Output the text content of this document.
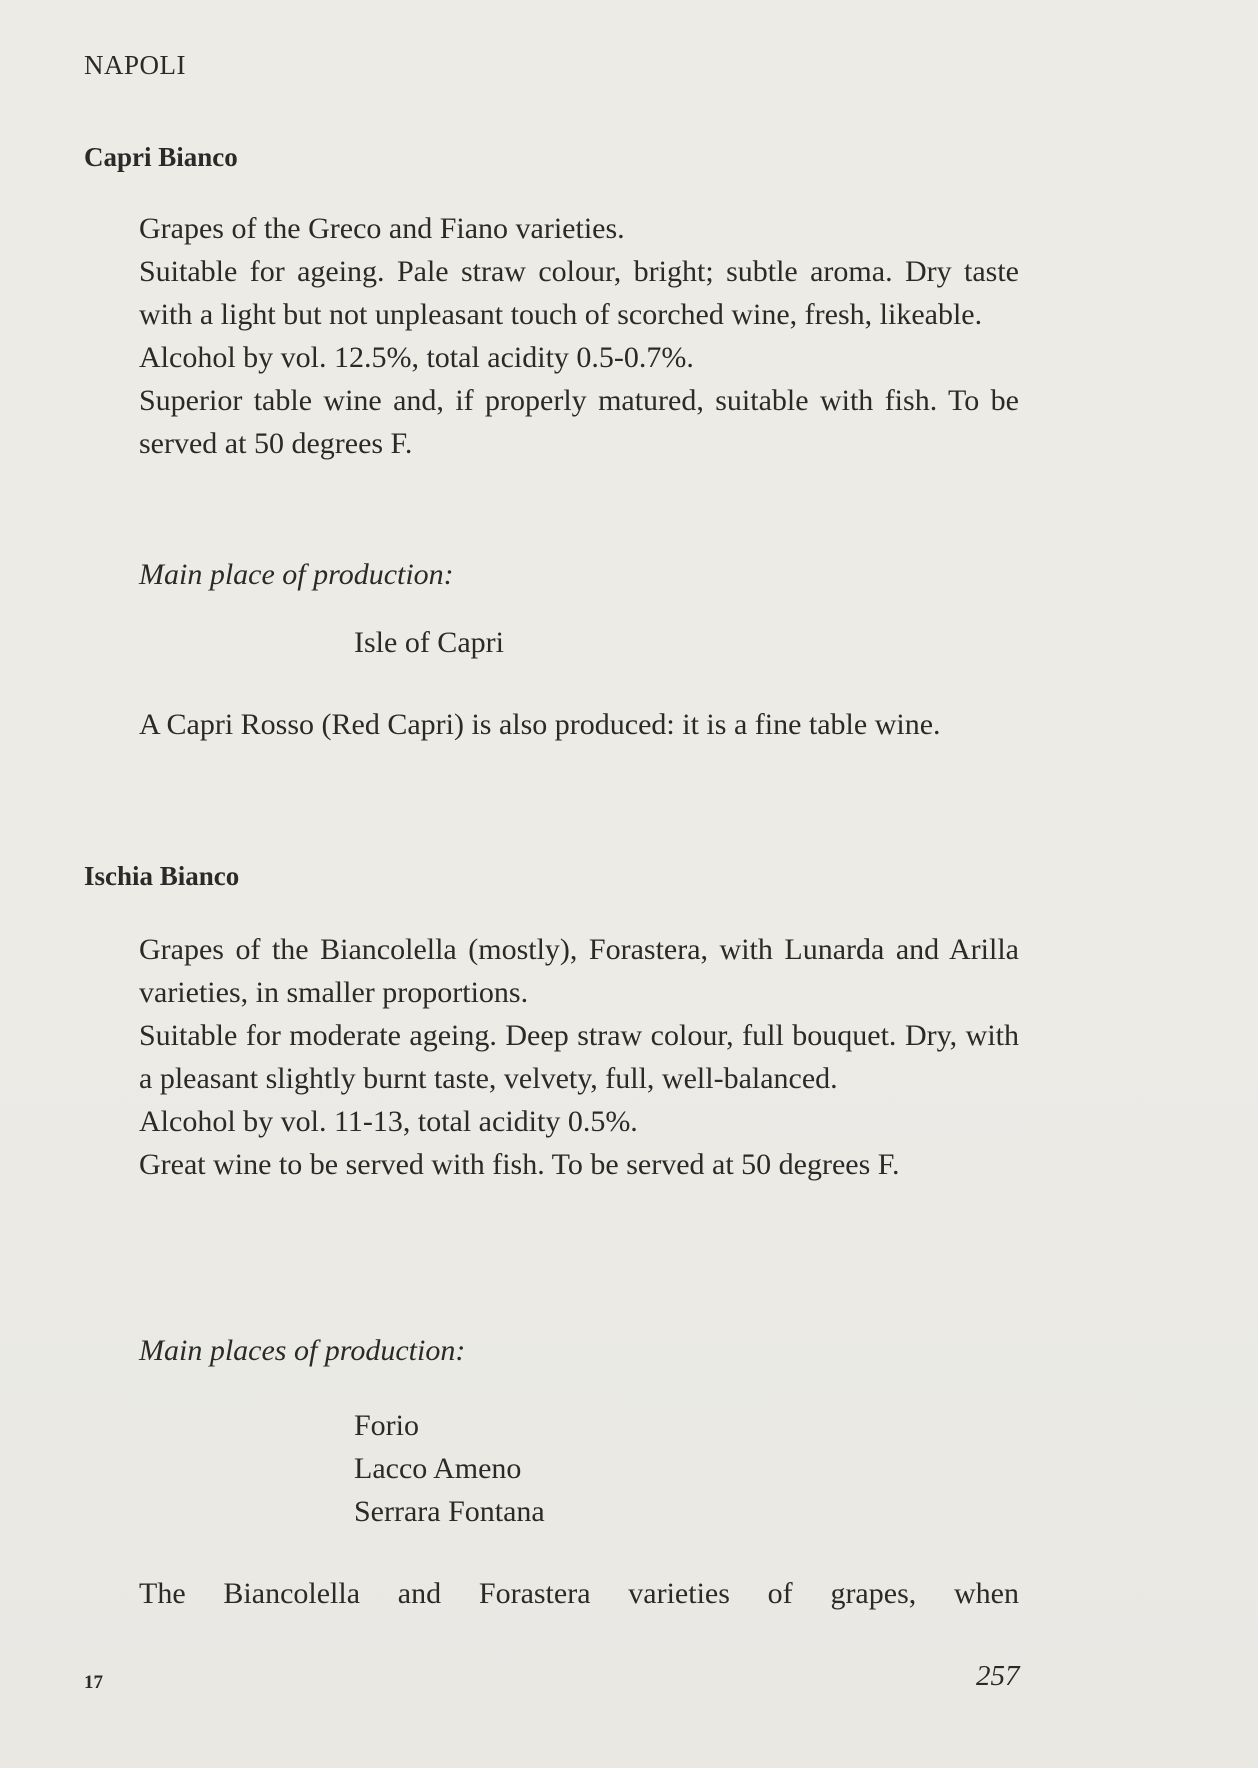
NAPOLI
Capri Bianco

Grapes of the Greco and Fiano varieties.

Suitable for ageing. Pale straw colour, bright; subtle aroma. Dry taste with a light but not unpleasant touch of scorched wine, fresh, likeable.

Alcohol by vol. 12.5%, total acidity 0.5-0.7%.

Superior table wine and, if properly matured, suitable with fish. To be served at 50 degrees F.

Main place of production:
Isle of Capri

A Capri Rosso (Red Capri) is also produced: it is a fine table wine.

Ischia Bianco

Grapes of the Biancolella (mostly), Forastera, with Lunarda and Arilla varieties, in smaller proportions.

Suitable for moderate ageing. Deep straw colour, full bouquet. Dry, with a pleasant slightly burnt taste, velvety, full, well-balanced.

Alcohol by vol. 11-13, total acidity 0.5%.

Great wine to be served with fish. To be served at 50 degrees F.

Main places of production:
Forio
Lacco Ameno
Serrara Fontana

The Biancolella and Forastera varieties of grapes, when

17	257
